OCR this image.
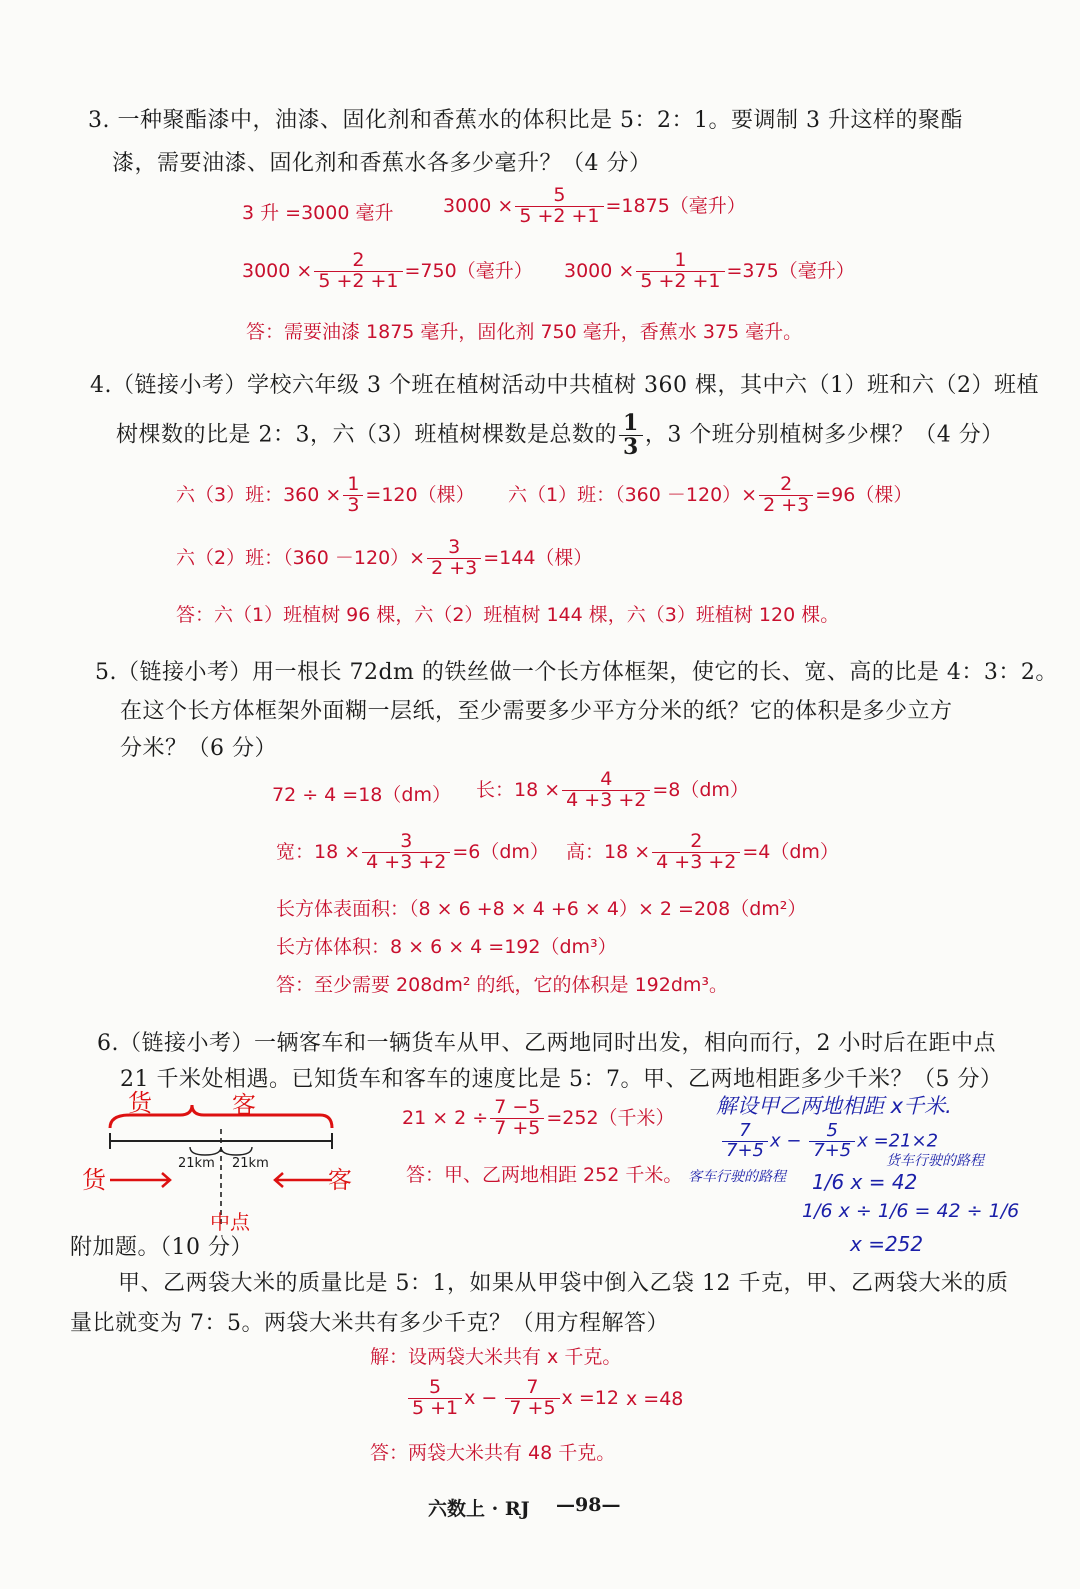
3. 一种聚酯漆中，油漆、固化剂和香蕉水的体积比是 5：2：1。要调制 3 升这样的聚酯
漆，需要油漆、固化剂和香蕉水各多少毫升？（4 分）
3 升 =3000 毫升	$3000 \times \frac{5}{5 +2 +1} =1875$（毫升）
$3000 \times \frac{2}{5 +2 +1} =750$（毫升） $3000 \times \frac{1}{5 +2 +1} =375$（毫升）
答：需要油漆 1875 毫升，固化剂 750 毫升，香蕉水 375 毫升。
4.（链接小考）学校六年级 3 个班在植树活动中共植树 360 棵，其中六（1）班和六（2）班植
树棵数的比是 2：3，六（3）班植树棵数是总数的 $\frac{1}{3}$ ，3 个班分别植树多少棵？（4 分）
六（3）班：$360 \times \frac{1}{3} =120$（棵） 六（1）班：$(360 -120)\times \frac{2}{2 +3} =96$（棵）
六（2）班：$(360 -120)\times \frac{3}{2 +3} =144$（棵）
答：六（1）班植树 96 棵，六（2）班植树 144 棵，六（3）班植树 120 棵。
5.（链接小考）用一根长 72dm 的铁丝做一个长方体框架，使它的长、宽、高的比是 4：3：2。
在这个长方体框架外面糊一层纸，至少需要多少平方分米的纸？它的体积是多少立方
分米？（6 分）
72 ÷ 4 =18（dm） 长：$18 \times \frac{4}{4 +3 +2} =8(dm)$
宽：$18 \times \frac{3}{4 +3 +2} =6(dm)$ 高：$18 \times \frac{2}{4 +3 +2} =4(dm)$
长方体表面积：（8 × 6 +8 × 4 +6 × 4）× 2 =208（dm²）
长方体体积：8 × 6 × 4 =192（dm³）
答：至少需要 208dm² 的纸，它的体积是 192dm³。
6.（链接小考）一辆客车和一辆货车从甲、乙两地同时出发，相向而行，2 小时后在距中点
21 千米处相遇。已知货车和客车的速度比是 5：7。甲、乙两地相距多少千米？（5 分）
货	客
21km 21km
货	客
中点
$21 \times 2 \div \frac{7 -5}{7 +5} =252$（千米）
答：甲、乙两地相距 252 千米。
解设甲乙两地相距 x千米.
$\frac{7}{7+5}$ $x - \frac{5}{7+5}$ x =21×2
客车行驶的路程
货车行驶的路程
1/6 x = 42
1/6 x ÷ 1/6 = 42 ÷ 1/6
x =252
附加题。（10 分）
甲、乙两袋大米的质量比是 5：1，如果从甲袋中倒入乙袋 12 千克，甲、乙两袋大米的质
量比就变为 7：5。两袋大米共有多少千克？（用方程解答）
解：设两袋大米共有 x 千克。
$\frac{5}{5 +1}$ $x - \frac{7}{7 +5}$ x =12 x =48
答：两袋大米共有 48 千克。
六数上 · RJ —98—
